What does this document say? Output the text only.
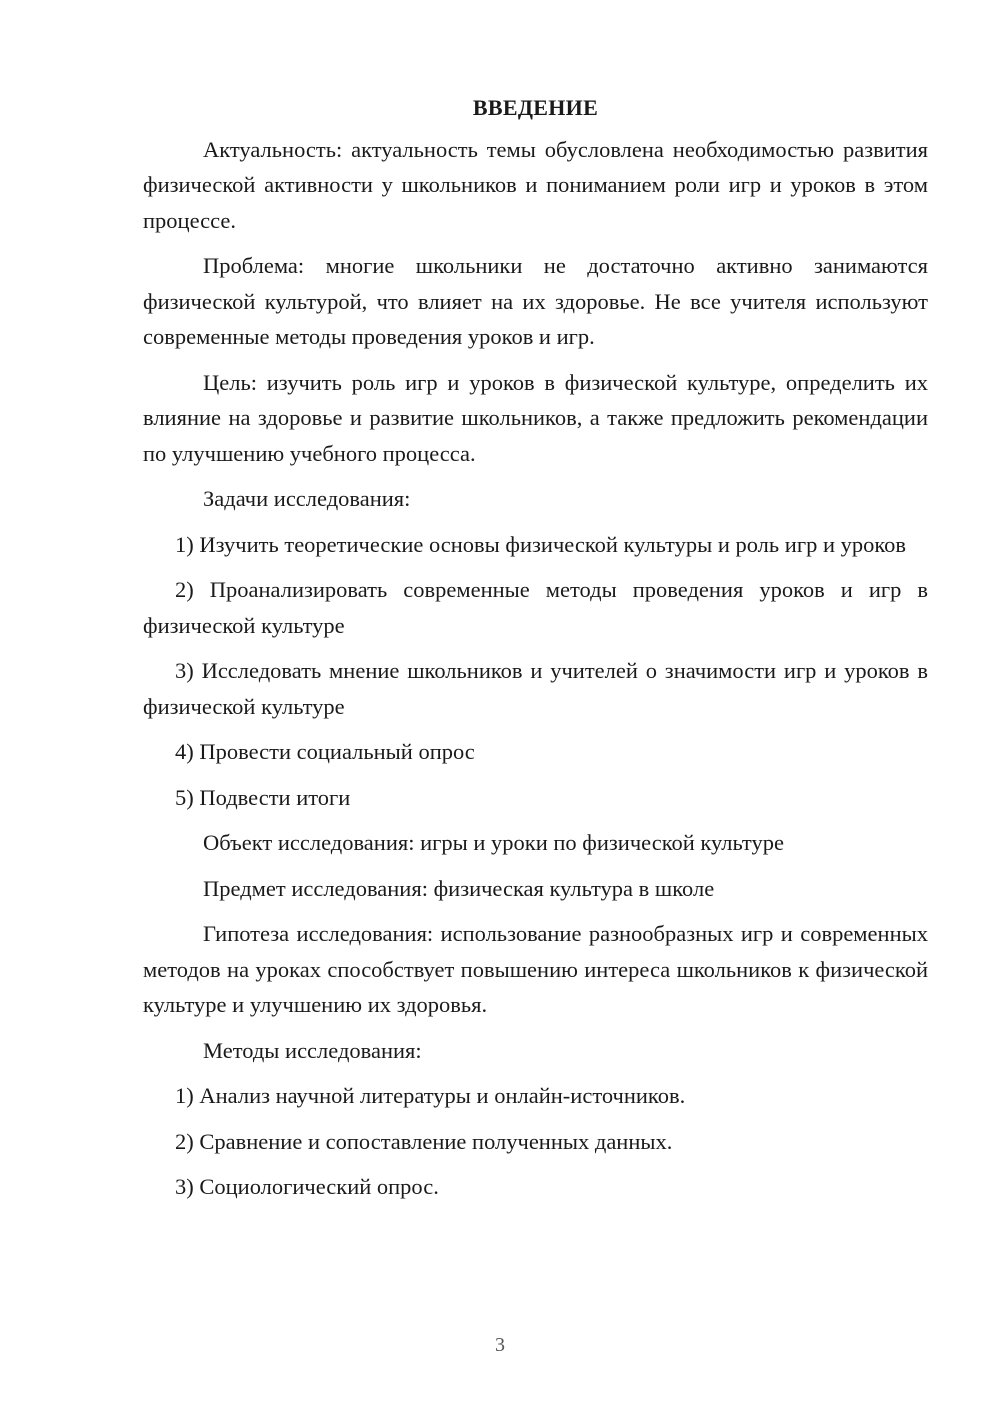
ВВЕДЕНИЕ

Актуальность: актуальность темы обусловлена необходимостью развития физической активности у школьников и пониманием роли игр и уроков в этом процессе.

Проблема: многие школьники не достаточно активно занимаются физической культурой, что влияет на их здоровье. Не все учителя используют современные методы проведения уроков и игр.

Цель: изучить роль игр и уроков в физической культуре, определить их влияние на здоровье и развитие школьников, а также предложить рекомендации по улучшению учебного процесса.

Задачи исследования:

1) Изучить теоретические основы физической культуры и роль игр и уроков

2) Проанализировать современные методы проведения уроков и игр в физической культуре

3) Исследовать мнение школьников и учителей о значимости игр и уроков в физической культуре

4) Провести социальный опрос

5) Подвести итоги

Объект исследования: игры и уроки по физической культуре

Предмет исследования: физическая культура в школе

Гипотеза исследования: использование разнообразных игр и современных методов на уроках способствует повышению интереса школьников к физической культуре и улучшению их здоровья.

Методы исследования:

1) Анализ научной литературы и онлайн-источников.

2) Сравнение и сопоставление полученных данных.

3) Социологический опрос.

3
